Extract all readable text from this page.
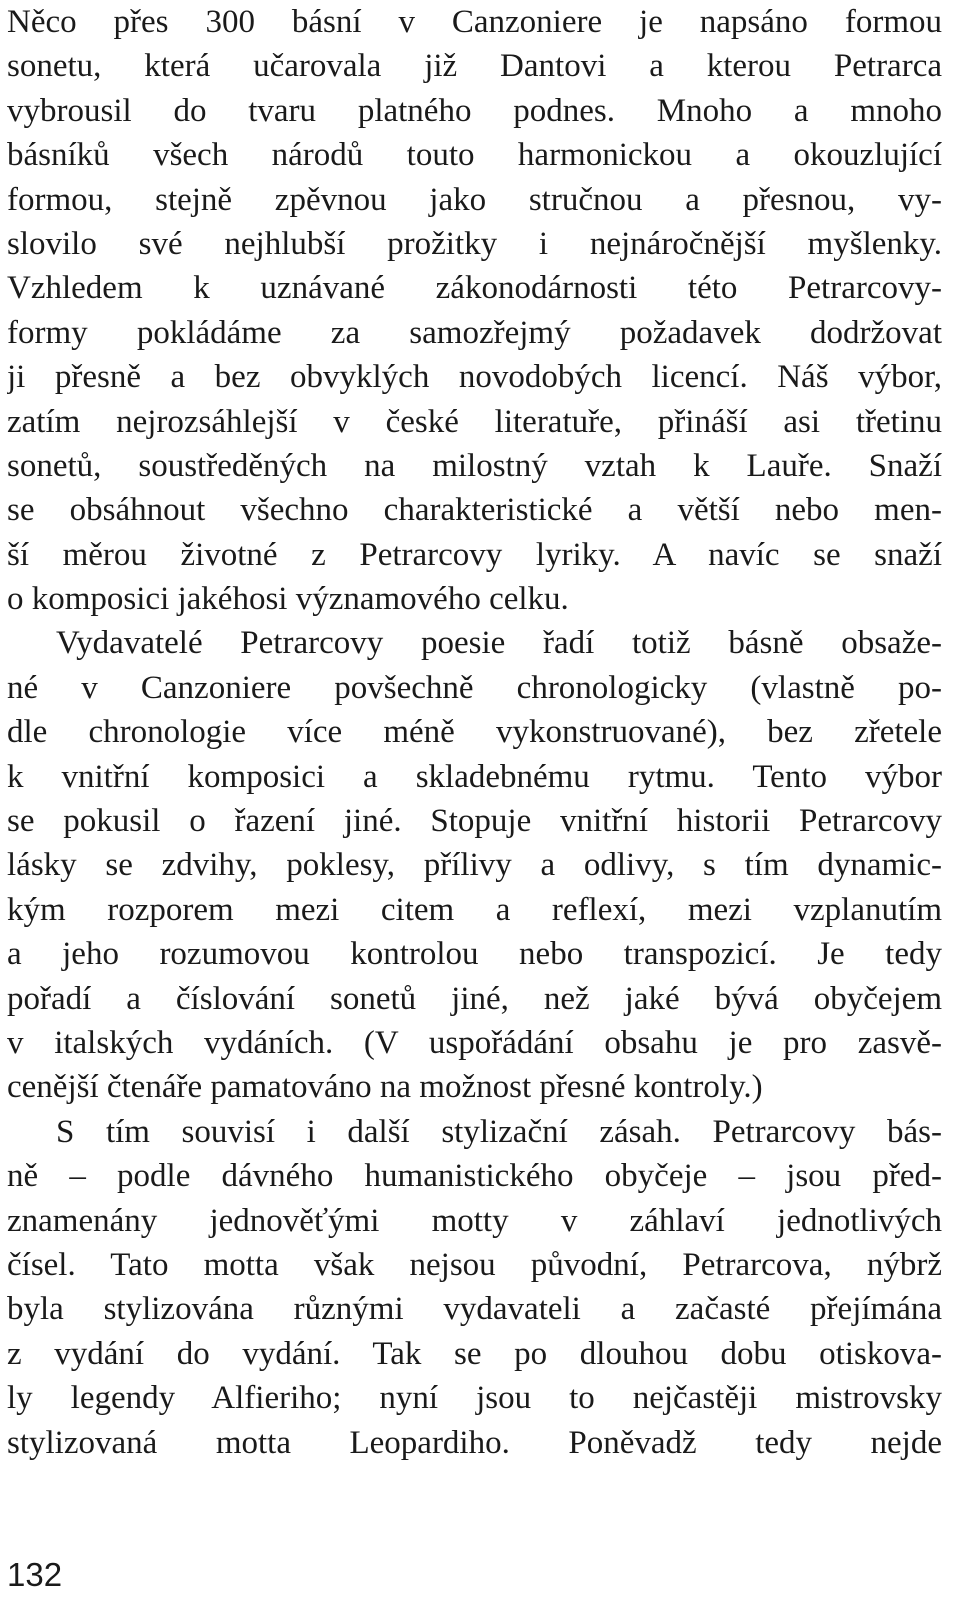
Něco přes 300 básní v Canzoniere je napsáno formou
sonetu, která učarovala již Dantovi a kterou Petrarca
vybrousil do tvaru platného podnes. Mnoho a mnoho
básníků všech národů touto harmonickou a okouzlující
formou, stejně zpěvnou jako stručnou a přesnou, vy-
slovilo své nejhlubší prožitky i nejnáročnější myšlenky.
Vzhledem k uznávané zákonodárnosti této Petrarcovy-
formy pokládáme za samozřejmý požadavek dodržovat
ji přesně a bez obvyklých novodobých licencí. Náš výbor,
zatím nejrozsáhlejší v české literatuře, přináší asi třetinu
sonetů, soustředěných na milostný vztah k Lauře. Snaží
se obsáhnout všechno charakteristické a větší nebo men-
ší měrou životné z Petrarcovy lyriky. A navíc se snaží
o komposici jakéhosi významového celku.
Vydavatelé Petrarcovy poesie řadí totiž básně obsaže-
né v Canzoniere povšechně chronologicky (vlastně po-
dle chronologie více méně vykonstruované), bez zřetele
k vnitřní komposici a skladebnému rytmu. Tento výbor
se pokusil o řazení jiné. Stopuje vnitřní historii Petrarcovy
lásky se zdvihy, poklesy, přílivy a odlivy, s tím dynamic-
kým rozporem mezi citem a reflexí, mezi vzplanutím
a jeho rozumovou kontrolou nebo transpozicí. Je tedy
pořadí a číslování sonetů jiné, než jaké bývá obyčejem
v italských vydáních. (V uspořádání obsahu je pro zasvě-
cenější čtenáře pamatováno na možnost přesné kontroly.)
S tím souvisí i další stylizační zásah. Petrarcovy bás-
ně – podle dávného humanistického obyčeje – jsou před-
znamenány jednověťými motty v záhlaví jednotlivých
čísel. Tato motta však nejsou původní, Petrarcova, nýbrž
byla stylizována různými vydavateli a začasté přejímána
z vydání do vydání. Tak se po dlouhou dobu otiskova-
ly legendy Alfieriho; nyní jsou to nejčastěji mistrovsky
stylizovaná motta Leopardiho. Poněvadž tedy nejde
132
